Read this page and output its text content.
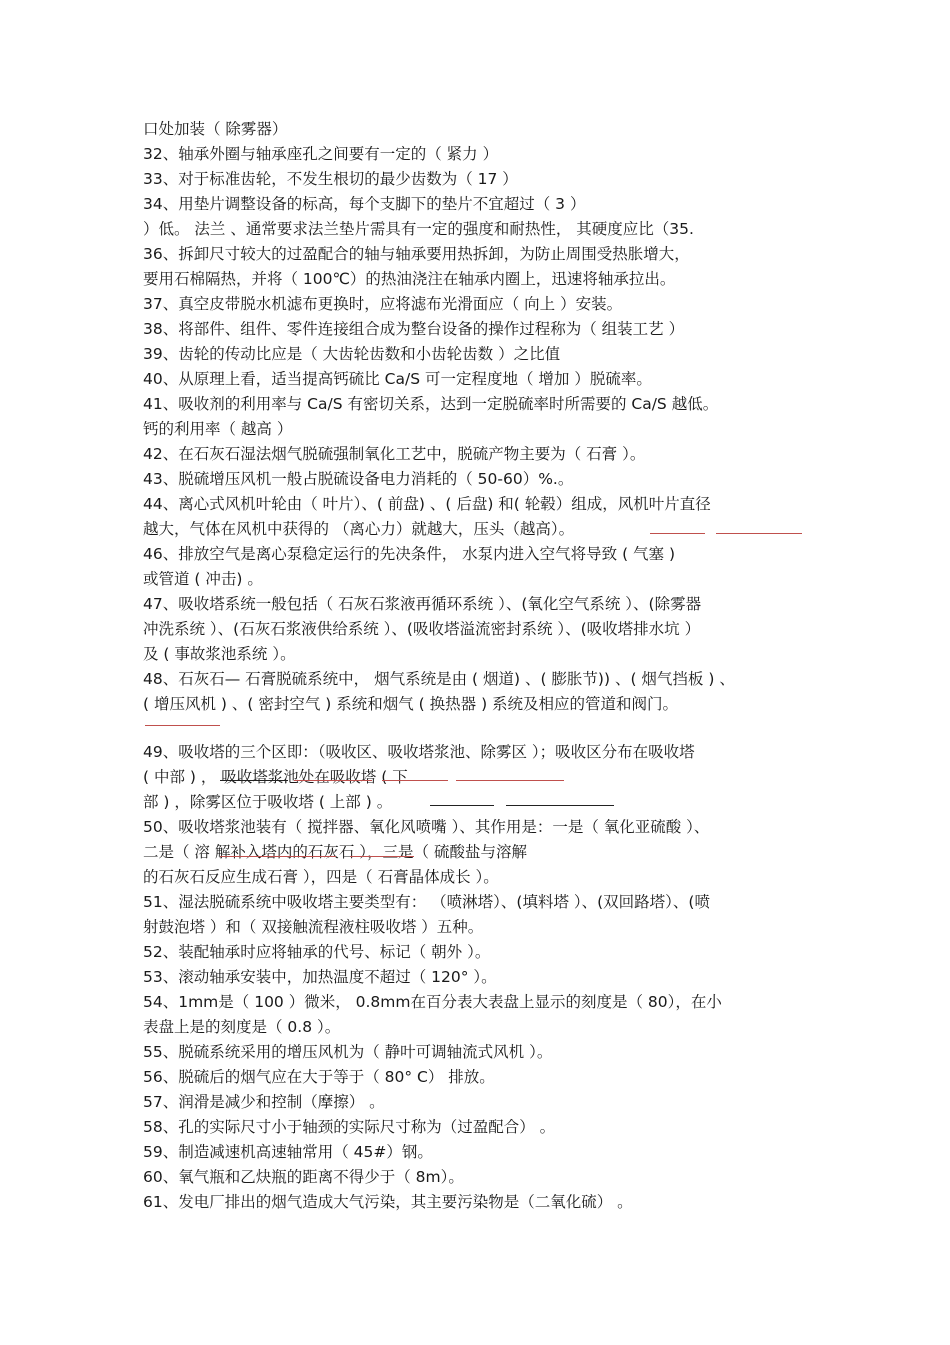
口处加装（ 除雾器）
32、轴承外圈与轴承座孔之间要有一定的（ 紧力 ）
33、对于标准齿轮，不发生根切的最少齿数为（ 17 ）
34、用垫片调整设备的标高，每个支脚下的垫片不宜超过（ 3 ）
）低。 法兰 、通常要求法兰垫片需具有一定的强度和耐热性， 其硬度应比（35.
36、拆卸尺寸较大的过盈配合的轴与轴承要用热拆卸，为防止周围受热胀增大，
要用石棉隔热，并将（ 100℃）的热油浇注在轴承内圈上，迅速将轴承拉出。
37、真空皮带脱水机滤布更换时，应将滤布光滑面应（ 向上 ）安装。
38、将部件、组件、零件连接组合成为整台设备的操作过程称为（ 组装工艺 ）
39、齿轮的传动比应是（ 大齿轮齿数和小齿轮齿数 ）之比值
40、从原理上看，适当提高钙硫比 Ca/S 可一定程度地（ 增加 ）脱硫率。
41、吸收剂的利用率与 Ca/S 有密切关系，达到一定脱硫率时所需要的 Ca/S 越低。
钙的利用率（ 越高 ）
42、在石灰石湿法烟气脱硫强制氧化工艺中，脱硫产物主要为（ 石膏 ）。
43、脱硫增压风机一般占脱硫设备电力消耗的（ 50-60）%.。
44、离心式风机叶轮由（ 叶片）、( 前盘) 、( 后盘) 和( 轮毂）组成，风机叶片直径
越大，气体在风机中获得的 （离心力）就越大，压头（越高）。
46、排放空气是离心泵稳定运行的先决条件， 水泵内进入空气将导致 ( 气塞 )
或管道 ( 冲击) 。
47、吸收塔系统一般包括（ 石灰石浆液再循环系统 ）、(氧化空气系统 ）、(除雾器
冲洗系统 ）、(石灰石浆液供给系统 ）、(吸收塔溢流密封系统 ）、(吸收塔排水坑 ）
及 ( 事故浆池系统 ）。
48、石灰石— 石膏脱硫系统中， 烟气系统是由 ( 烟道) 、( 膨胀节)) 、( 烟气挡板 ) 、
( 增压风机 ) 、( 密封空气 ) 系统和烟气 ( 换热器 ) 系统及相应的管道和阀门。
49、吸收塔的三个区即：（吸收区、吸收塔浆池、除雾区 ）；吸收区分布在吸收塔
( 中部 ) ， 吸收塔浆池处在吸收塔 ( 下
部 ) ，除雾区位于吸收塔 ( 上部 ) 。
50、吸收塔浆池装有（ 搅拌器、氧化风喷嘴 ）、其作用是：一是（ 氧化亚硫酸 ）、
二是（ 溶 解补入塔内的石灰石 ），三是（ 硫酸盐与溶解
的石灰石反应生成石膏 ），四是（ 石膏晶体成长 ）。
51、湿法脱硫系统中吸收塔主要类型有： （喷淋塔）、(填料塔 ）、(双回路塔）、(喷
射鼓泡塔 ）和（ 双接触流程液柱吸收塔 ）五种。
52、装配轴承时应将轴承的代号、标记（ 朝外 ）。
53、滚动轴承安装中，加热温度不超过（ 120° ）。
54、1mm是（ 100 ）微米， 0.8mm在百分表大表盘上显示的刻度是（ 80），在小
表盘上是的刻度是（ 0.8 ）。
55、脱硫系统采用的增压风机为（ 静叶可调轴流式风机 ）。
56、脱硫后的烟气应在大于等于（ 80° C） 排放。
57、润滑是减少和控制（摩擦） 。
58、孔的实际尺寸小于轴颈的实际尺寸称为（过盈配合） 。
59、制造减速机高速轴常用（ 45#）钢。
60、氧气瓶和乙炔瓶的距离不得少于（ 8m）。
61、发电厂排出的烟气造成大气污染，其主要污染物是（二氧化硫） 。
